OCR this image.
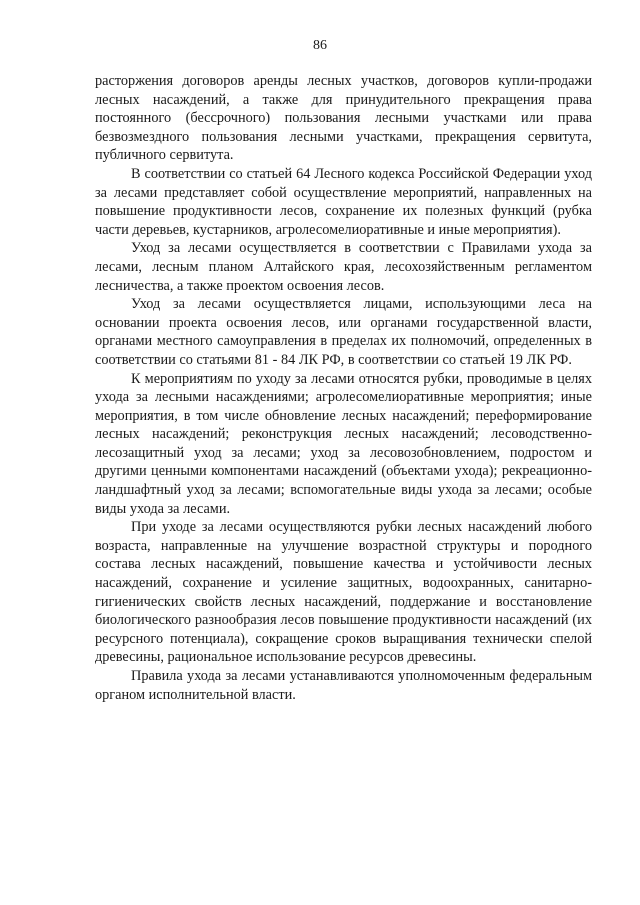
86

расторжения договоров аренды лесных участков, договоров купли-продажи лесных насаждений, а также для принудительного прекращения права постоянного (бессрочного) пользования лесными участками или права безвозмездного пользования лесными участками, прекращения сервитута, публичного сервитута.

В соответствии со статьей 64 Лесного кодекса Российской Федерации уход за лесами представляет собой осуществление мероприятий, направленных на повышение продуктивности лесов, сохранение их полезных функций (рубка части деревьев, кустарников, агролесомелиоративные и иные мероприятия).

Уход за лесами осуществляется в соответствии с Правилами ухода за лесами, лесным планом Алтайского края, лесохозяйственным регламентом лесничества, а также проектом освоения лесов.

Уход за лесами осуществляется лицами, использующими леса на основании проекта освоения лесов, или органами государственной власти, органами местного самоуправления в пределах их полномочий, определенных в соответствии со статьями 81 - 84 ЛК РФ, в соответствии со статьей 19 ЛК РФ.

К мероприятиям по уходу за лесами относятся рубки, проводимые в целях ухода за лесными насаждениями; агролесомелиоративные мероприятия; иные мероприятия, в том числе обновление лесных насаждений; переформирование лесных насаждений; реконструкция лесных насаждений; лесоводственно-лесозащитный уход за лесами; уход за лесовозобновлением, подростом и другими ценными компонентами насаждений (объектами ухода); рекреационно-ландшафтный уход за лесами; вспомогательные виды ухода за лесами; особые виды ухода за лесами.

При уходе за лесами осуществляются рубки лесных насаждений любого возраста, направленные на улучшение возрастной структуры и породного состава лесных насаждений, повышение качества и устойчивости лесных насаждений, сохранение и усиление защитных, водоохранных, санитарно-гигиенических свойств лесных насаждений, поддержание и восстановление биологического разнообразия лесов повышение продуктивности насаждений (их ресурсного потенциала), сокращение сроков выращивания технически спелой древесины, рациональное использование ресурсов древесины.

Правила ухода за лесами устанавливаются уполномоченным федеральным органом исполнительной власти.
